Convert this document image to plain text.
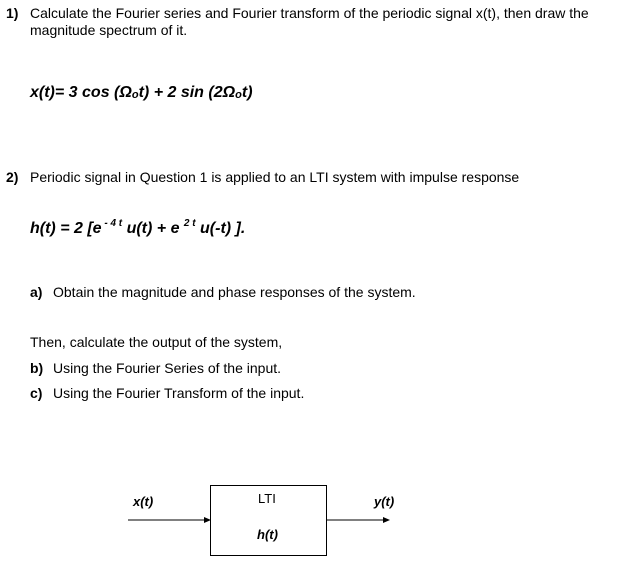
1) Calculate the Fourier series and Fourier transform of the periodic signal x(t), then draw the magnitude spectrum of it.
x(t)= 3 cos (Ωot) + 2 sin (2Ωot)
2) Periodic signal in Question 1 is applied to an LTI system with impulse response
h(t) = 2 [e $^{- 4 t}$ u(t) + e $^{2 t}$ u(-t) ].
a) Obtain the magnitude and phase responses of the system.
Then, calculate the output of the system,
b) Using the Fourier Series of the input.
c) Using the Fourier Transform of the input.
x(t)	LTI
h(t)
y(t)
